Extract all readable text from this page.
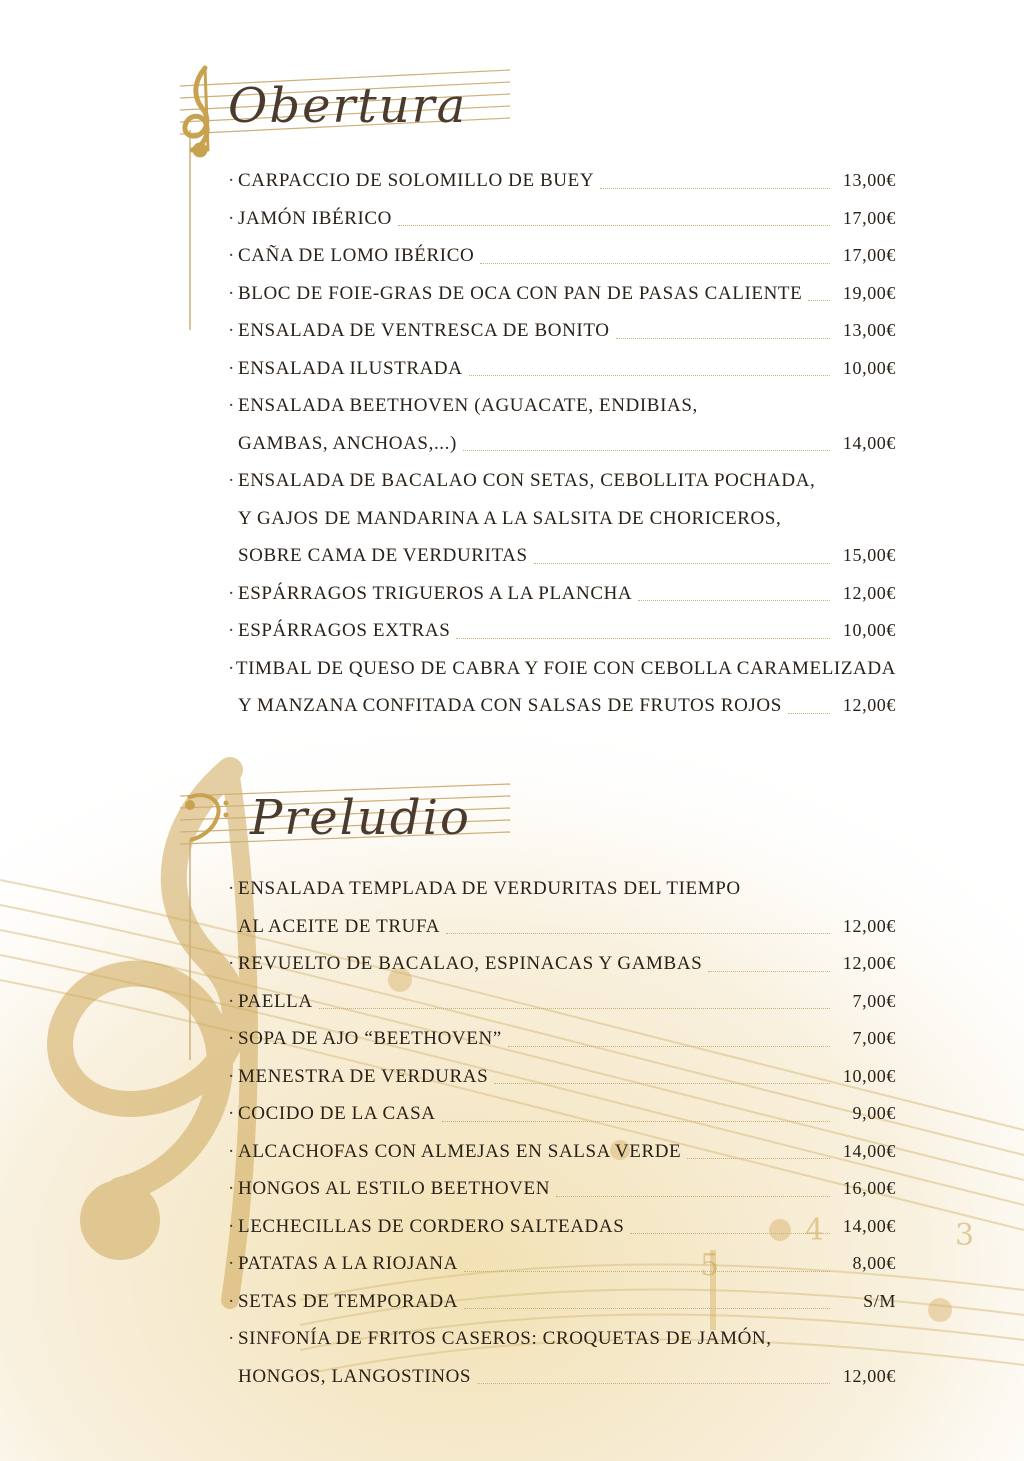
5
4	3
Obertura
· CARPACCIO DE SOLOMILLO DE BUEY	13,00€
· JAMÓN IBÉRICO	17,00€
· CAÑA DE LOMO IBÉRICO	17,00€
· BLOC DE FOIE-GRAS DE OCA CON PAN DE PASAS CALIENTE	19,00€
· ENSALADA DE VENTRESCA DE BONITO	13,00€
· ENSALADA ILUSTRADA	10,00€
· ENSALADA BEETHOVEN (AGUACATE, ENDIBIAS,
GAMBAS, ANCHOAS,...)	14,00€
· ENSALADA DE BACALAO CON SETAS, CEBOLLITA POCHADA,
Y GAJOS DE MANDARINA A LA SALSITA DE CHORICEROS,
SOBRE CAMA DE VERDURITAS	15,00€
· ESPÁRRAGOS TRIGUEROS A LA PLANCHA	12,00€
· ESPÁRRAGOS EXTRAS	10,00€
· TIMBAL DE QUESO DE CABRA Y FOIE CON CEBOLLA CARAMELIZADA
Y MANZANA CONFITADA CON SALSAS DE FRUTOS ROJOS	12,00€
Preludio
· ENSALADA TEMPLADA DE VERDURITAS DEL TIEMPO
AL ACEITE DE TRUFA	12,00€
· REVUELTO DE BACALAO, ESPINACAS Y GAMBAS	12,00€
· PAELLA	7,00€
· SOPA DE AJO “BEETHOVEN”	7,00€
· MENESTRA DE VERDURAS	10,00€
· COCIDO DE LA CASA	9,00€
· ALCACHOFAS CON ALMEJAS EN SALSA VERDE	14,00€
· HONGOS AL ESTILO BEETHOVEN	16,00€
· LECHECILLAS DE CORDERO SALTEADAS	14,00€
· PATATAS A LA RIOJANA	8,00€
· SETAS DE TEMPORADA	S/M
· SINFONÍA DE FRITOS CASEROS: CROQUETAS DE JAMÓN,
HONGOS, LANGOSTINOS	12,00€
